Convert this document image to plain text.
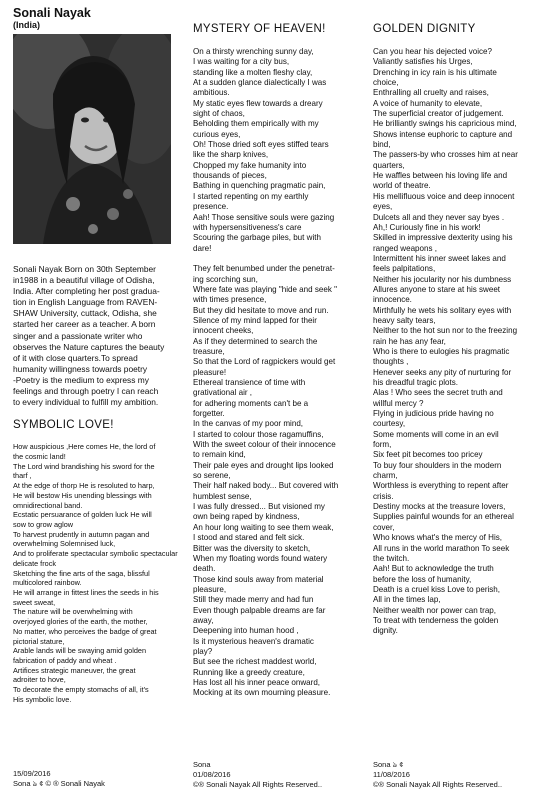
Sonali Nayak

(India)

Sonali Nayak Born on 30th September
in1988 in a beautiful village of Odisha,
India. After completing her post gradua-
tion in English Language from RAVEN-
SHAW University, cuttack, Odisha, she
started her career as a teacher. A born
singer and a passionate writer who
observes the Nature captures the beauty
of it with close quarters.To spread
humanity willingness towards poetry
-Poetry is the medium to express my
feelings and through poetry I can reach
to every individual to fulfill my ambition.
SYMBOLIC LOVE!
How auspicious ,Here comes He, the lord of
the cosmic land!
The Lord wind brandishing his sword for the
tharf ,
At the edge of thorp He is resoluted to harp,
He will bestow His unending blessings with
omnidirectional band.
Ecstatic persuarance of golden luck He will
sow to grow aglow
To harvest prudently in autumn pagan and
overwhelming Solemnised luck,
And to proliferate spectacular symbolic spectacular
delicate frock
Sketching the fine arts of the saga, blissful
multicolored rainbow.
He will arrange in fittest lines the seeds in his
sweet sweat,
The nature will be overwhelming with
overjoyed glories of the earth, the mother,
No matter, who perceives the badge of great
pictorial stature,
Arable lands will be swaying amid golden
fabrication of paddy and wheat .
Artifices strategic maneuver, the great
adroiter to hove,
To decorate the empty stomachs of all, it's
His symbolic love.
15/09/2016
Sona ঌ ¢ © ® Sonali Nayak
MYSTERY OF HEAVEN!
On a thirsty wrenching sunny day,
I was waiting for a city bus,
standing like a molten fleshy clay,
At a sudden glance dialectically I was
ambitious.
My static eyes flew towards a dreary
sight of chaos,
Beholding them empirically with my
curious eyes,
Oh! Those dried soft eyes stiffed tears
like the sharp knives,
Chopped my fake humanity into
thousands of pieces,
Bathing in quenching pragmatic pain,
I started repenting on my earthly
presence.
Aah! Those sensitive souls were gazing
with hypersensitiveness's care
Scouring the garbage piles, but with
dare!

They felt benumbed under the penetrat-
ing scorching sun,
Where fate was playing "hide and seek "
with times presence,
But they did hesitate to move and run.
Silence of my mind lapped for their
innocent cheeks,
As if they determined to search the
treasure,
So that the Lord of ragpickers would get
pleasure!
Ethereal transience of time with
grativational air ,
for adhering moments can't be a
forgetter.
In the canvas of my poor mind,
I started to colour those ragamuffins,
With the sweet colour of their innocence
to remain kind,
Their pale eyes and drought lips looked
so serene,
Their half naked body... But covered with
humblest sense,
I was fully dressed... But visioned my
own being raped by kindness,
An hour long waiting to see them weak,
I stood and stared and felt sick.
Bitter was the diversity to sketch,
When my floating words found watery
death.
Those kind souls away from material
pleasure,
Still they made merry and had fun
Even though palpable dreams are far
away,
Deepening into human hood ,
Is it mysterious heaven's dramatic
play?
But see the richest maddest world,
Running like a greedy creature,
Has lost all his inner peace onward,
Mocking at its own mourning pleasure.
Sona
01/08/2016
©® Sonali Nayak All Rights Reserved..
GOLDEN DIGNITY
Can you hear his dejected voice?
Valiantly satisfies his Urges,
Drenching in icy rain is his ultimate
choice,
Enthralling all cruelty and raises,
A voice of humanity to elevate,
The superficial creator of judgement.
He brilliantly swings his capricious mind,
Shows intense euphoric to capture and
bind,
The passers-by who crosses him at near
quarters,
He waffles between his loving life and
world of theatre.
His mellifluous voice and deep innocent
eyes,
Dulcets all and they never say byes .
Ah,! Curiously fine in his work!
Skilled in impressive dexterity using his
ranged weapons ,
Intermittent his inner sweet lakes and
feels palpitations,
Neither his jocularity nor his dumbness
Allures anyone to stare at his sweet
innocence.
Mirthfully he wets his solitary eyes with
heavy salty tears,
Neither to the hot sun nor to the freezing
rain he has any fear,
Who is there to eulogies his pragmatic
thoughts ,
Henever seeks any pity of nurturing for
his dreadful tragic plots.
Alas ! Who sees the secret truth and
willful mercy ?
Flying in judicious pride having no
courtesy,
Some moments will come in an evil
form,
Six feet pit becomes too pricey
To buy four shoulders in the modern
charm,
Worthless is everything to repent after
crisis.
Destiny mocks at the treasure lovers,
Supplies painful wounds for an ethereal
cover,
Who knows what's the mercy of His,
All runs in the world marathon To seek
the twitch.
Aah! But to acknowledge the truth
before the loss of humanity,
Death is a cruel kiss Love to perish,
All in the times lap,
Neither wealth nor power can trap,
To treat with tenderness the golden
dignity.
Sona ঌ ¢
11/08/2016
©® Sonali Nayak All Rights Reserved..
